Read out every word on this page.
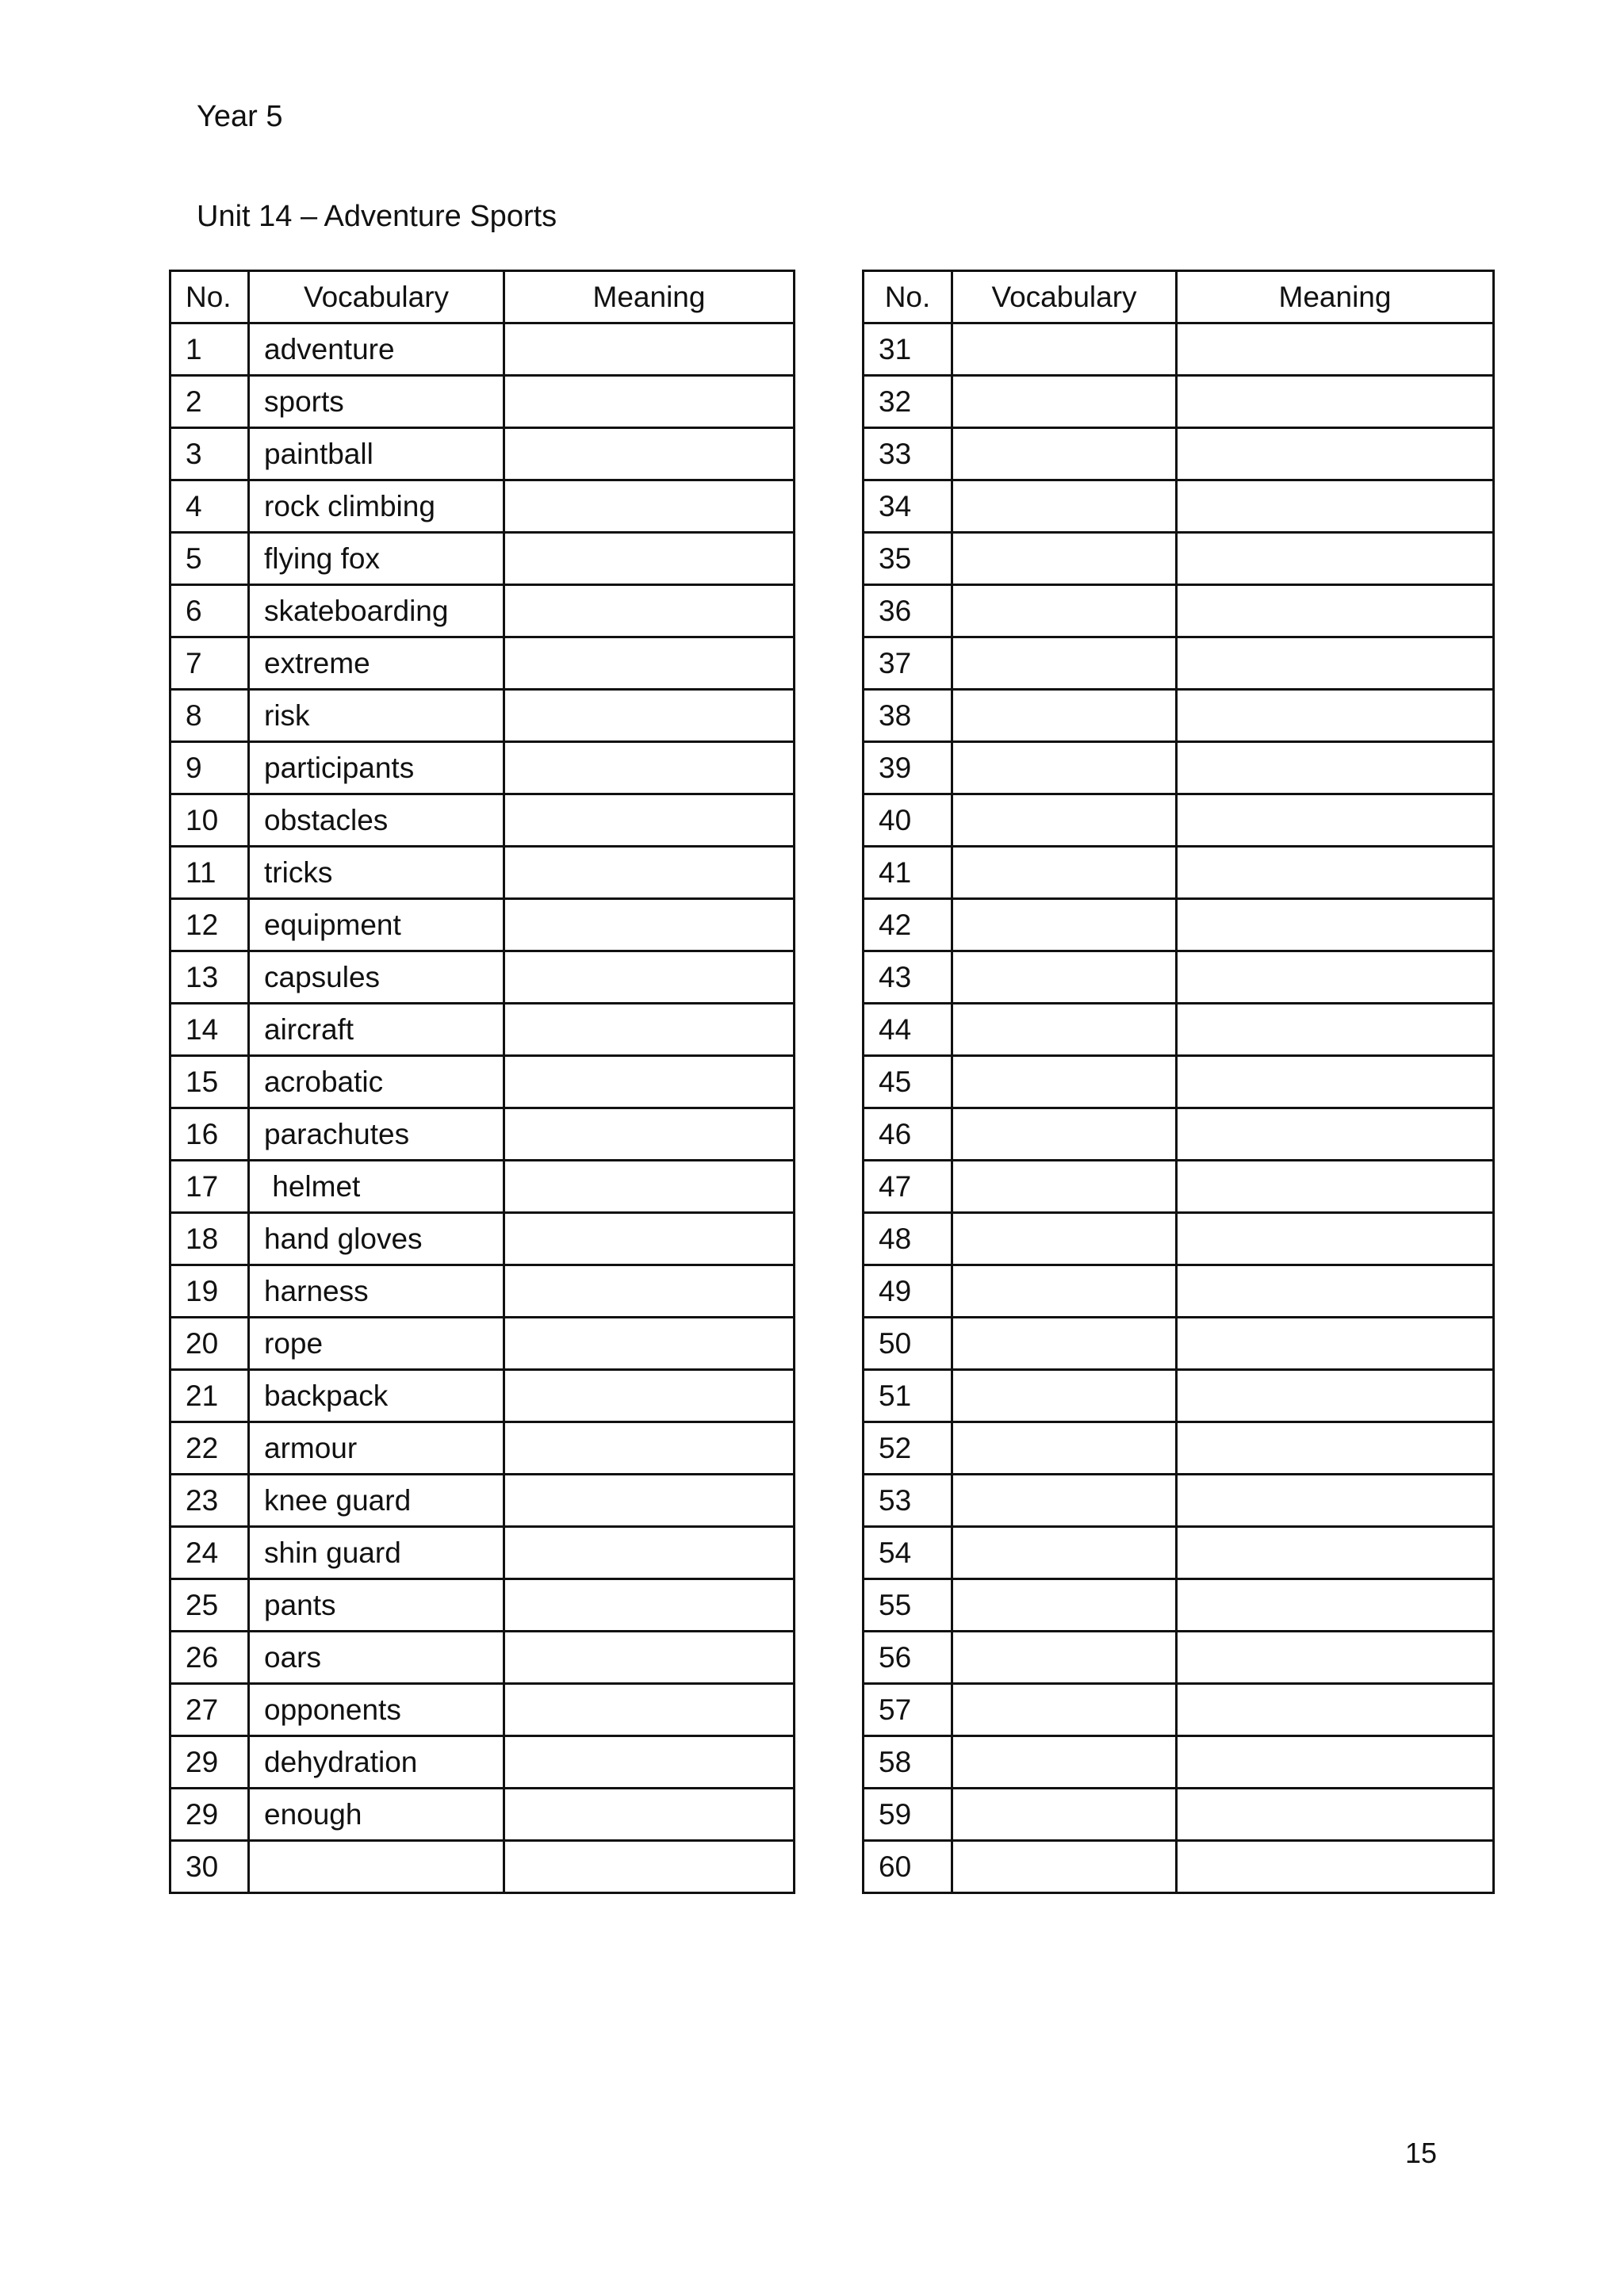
Year 5
Unit 14 – Adventure Sports
No.	Vocabulary	Meaning
1	adventure	
2	sports	
3	paintball	
4	rock climbing	
5	flying fox	
6	skateboarding	
7	extreme	
8	risk	
9	participants	
10	obstacles	
11	tricks	
12	equipment	
13	capsules	
14	aircraft	
15	acrobatic	
16	parachutes	
17	helmet	
18	hand gloves	
19	harness	
20	rope	
21	backpack	
22	armour	
23	knee guard	
24	shin guard	
25	pants	
26	oars	
27	opponents	
29	dehydration	
29	enough	
30		
No.	Vocabulary	Meaning
31		
32		
33		
34		
35		
36		
37		
38		
39		
40		
41		
42		
43		
44		
45		
46		
47		
48		
49		
50		
51		
52		
53		
54		
55		
56		
57		
58		
59		
60		
15
